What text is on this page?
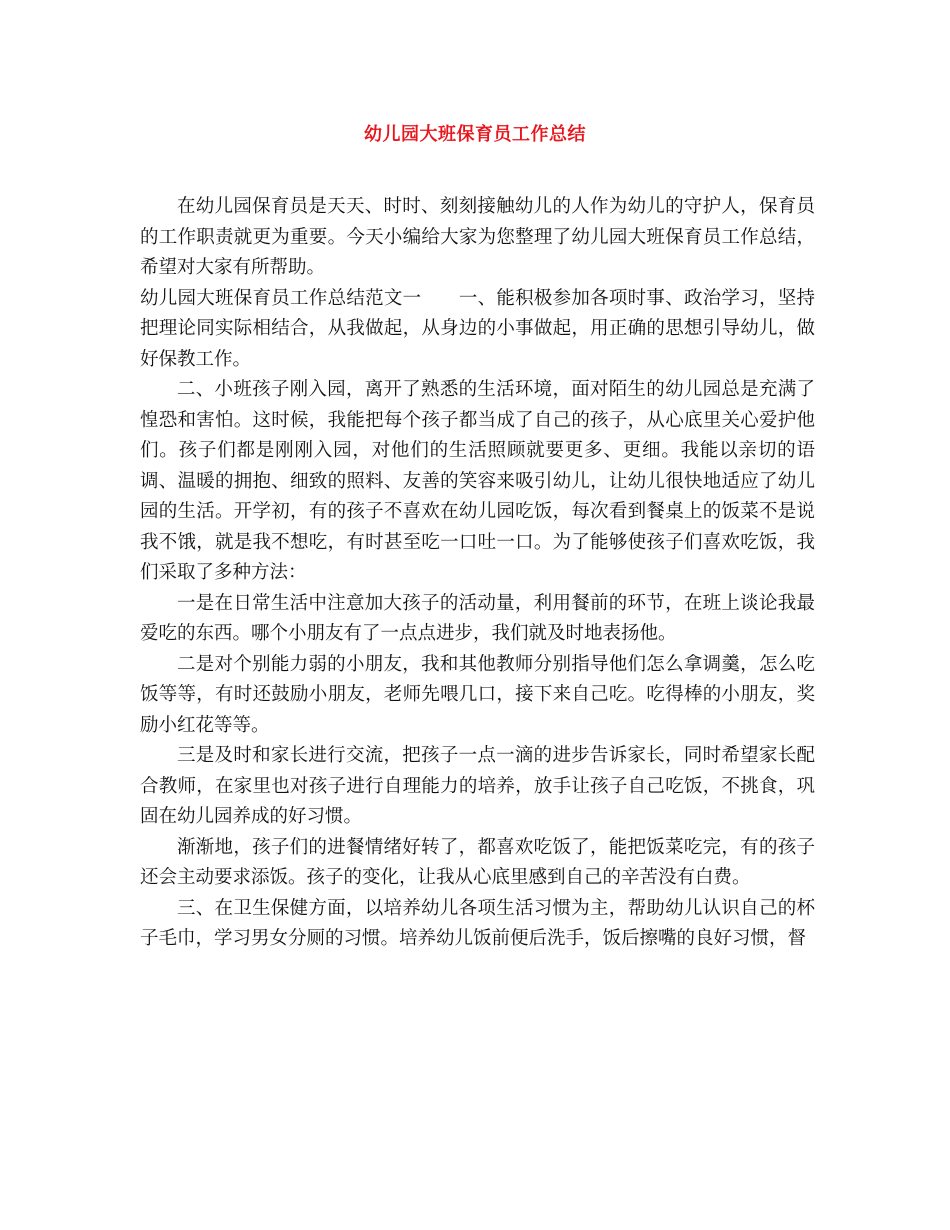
幼儿园大班保育员工作总结

在幼儿园保育员是天天、时时、刻刻接触幼儿的人作为幼儿的守护人，保育员的工作职责就更为重要。今天小编给大家为您整理了幼儿园大班保育员工作总结，希望对大家有所帮助。

幼儿园大班保育员工作总结范文一　　一、能积极参加各项时事、政治学习，坚持把理论同实际相结合，从我做起，从身边的小事做起，用正确的思想引导幼儿，做好保教工作。

二、小班孩子刚入园，离开了熟悉的生活环境，面对陌生的幼儿园总是充满了惶恐和害怕。这时候，我能把每个孩子都当成了自己的孩子，从心底里关心爱护他们。孩子们都是刚刚入园，对他们的生活照顾就要更多、更细。我能以亲切的语调、温暖的拥抱、细致的照料、友善的笑容来吸引幼儿，让幼儿很快地适应了幼儿园的生活。开学初，有的孩子不喜欢在幼儿园吃饭，每次看到餐桌上的饭菜不是说我不饿，就是我不想吃，有时甚至吃一口吐一口。为了能够使孩子们喜欢吃饭，我们采取了多种方法：

一是在日常生活中注意加大孩子的活动量，利用餐前的环节，在班上谈论我最爱吃的东西。哪个小朋友有了一点点进步，我们就及时地表扬他。

二是对个别能力弱的小朋友，我和其他教师分别指导他们怎么拿调羹，怎么吃饭等等，有时还鼓励小朋友，老师先喂几口，接下来自己吃。吃得棒的小朋友，奖励小红花等等。

三是及时和家长进行交流，把孩子一点一滴的进步告诉家长，同时希望家长配合教师，在家里也对孩子进行自理能力的培养，放手让孩子自己吃饭，不挑食，巩固在幼儿园养成的好习惯。

渐渐地，孩子们的进餐情绪好转了，都喜欢吃饭了，能把饭菜吃完，有的孩子还会主动要求添饭。孩子的变化，让我从心底里感到自己的辛苦没有白费。

三、在卫生保健方面，以培养幼儿各项生活习惯为主，帮助幼儿认识自己的杯子毛巾，学习男女分厕的习惯。培养幼儿饭前便后洗手，饭后擦嘴的良好习惯，督
